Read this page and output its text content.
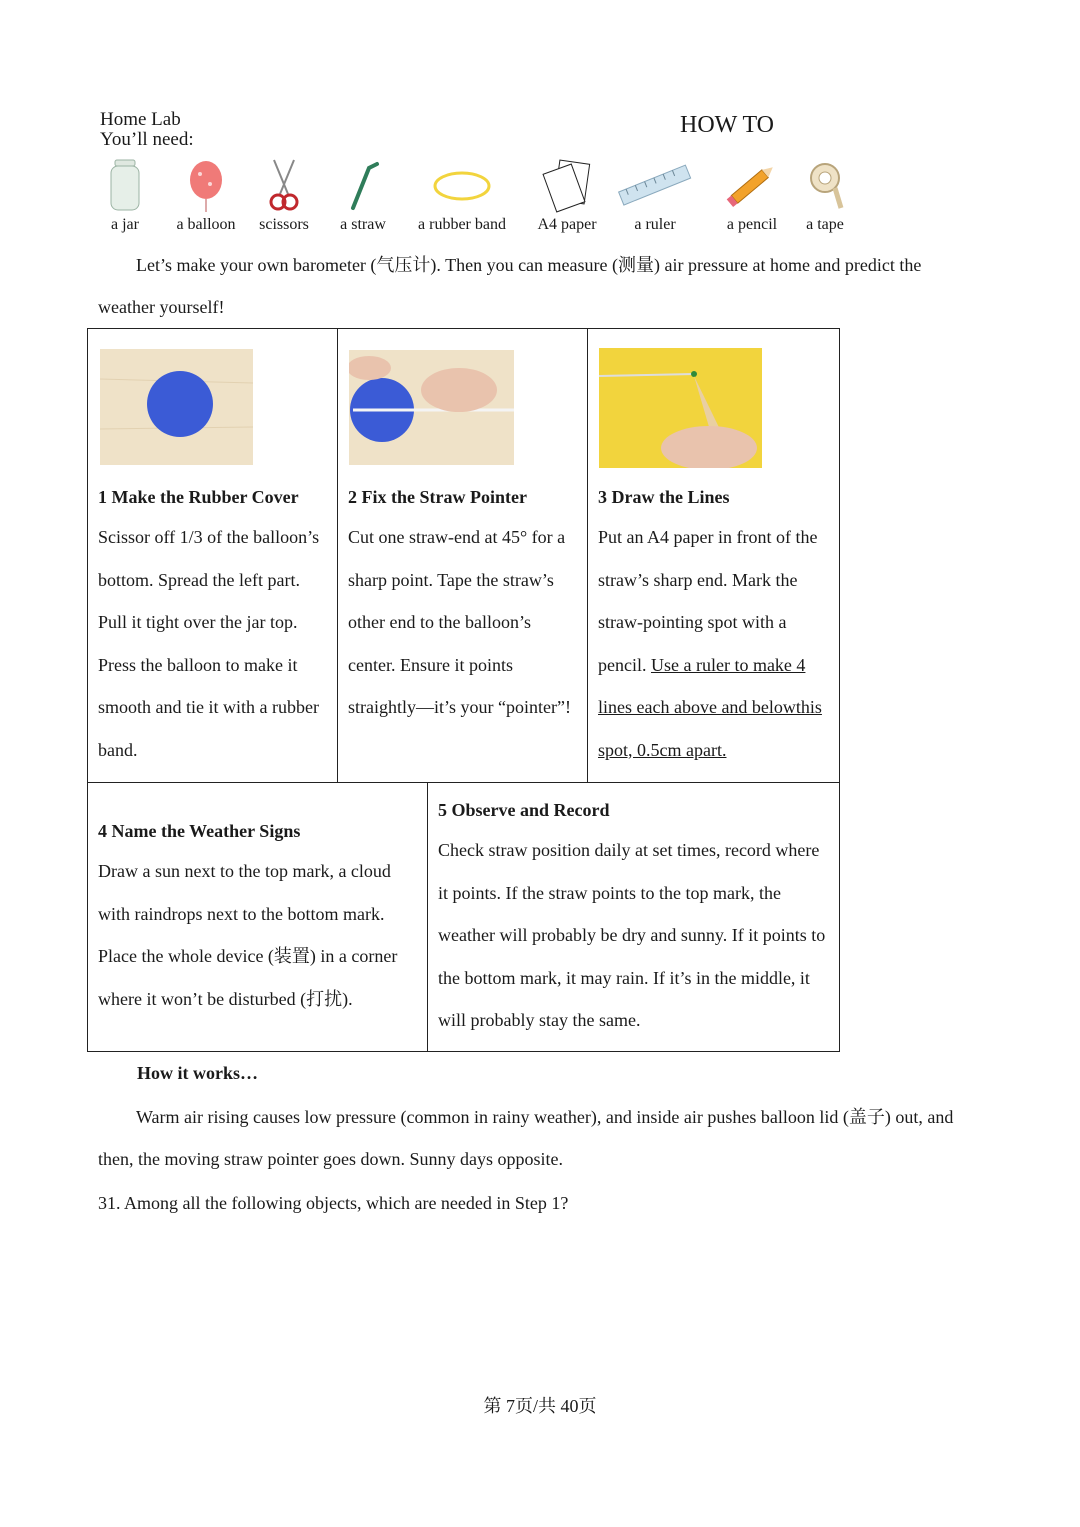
Home Lab
You’ll need:
HOW TO
a jar	a balloon	scissors	a straw	a rubber band	A4 paper	a ruler	a pencil	a tape
Let’s make your own barometer (气压计). Then you can measure (测量) air pressure at home and predict the weather yourself!
1 Make the Rubber Cover
Scissor off 1/3 of the balloon’s bottom. Spread the left part. Pull it tight over the jar top. Press the balloon to make it smooth and tie it with a rubber band.
2 Fix the Straw Pointer
Cut one straw-end at 45° for a sharp point. Tape the straw’s other end to the balloon’s center. Ensure it points straightly—it’s your “pointer”!
3 Draw the Lines
Put an A4 paper in front of the straw’s sharp end. Mark the straw-pointing spot with a pencil. Use a ruler to make 4 lines each above and belowthis spot, 0.5cm apart.
4 Name the Weather Signs
Draw a sun next to the top mark, a cloud with raindrops next to the bottom mark. Place the whole device (装置) in a corner where it won’t be disturbed (打扰).
5 Observe and Record
Check straw position daily at set times, record where it points. If the straw points to the top mark, the weather will probably be dry and sunny. If it points to the bottom mark, it may rain. If it’s in the middle, it will probably stay the same.
How it works…
Warm air rising causes low pressure (common in rainy weather), and inside air pushes balloon lid (盖子) out, and then, the moving straw pointer goes down. Sunny days opposite.
31. Among all the following objects, which are needed in Step 1?
第 7页/共 40页
